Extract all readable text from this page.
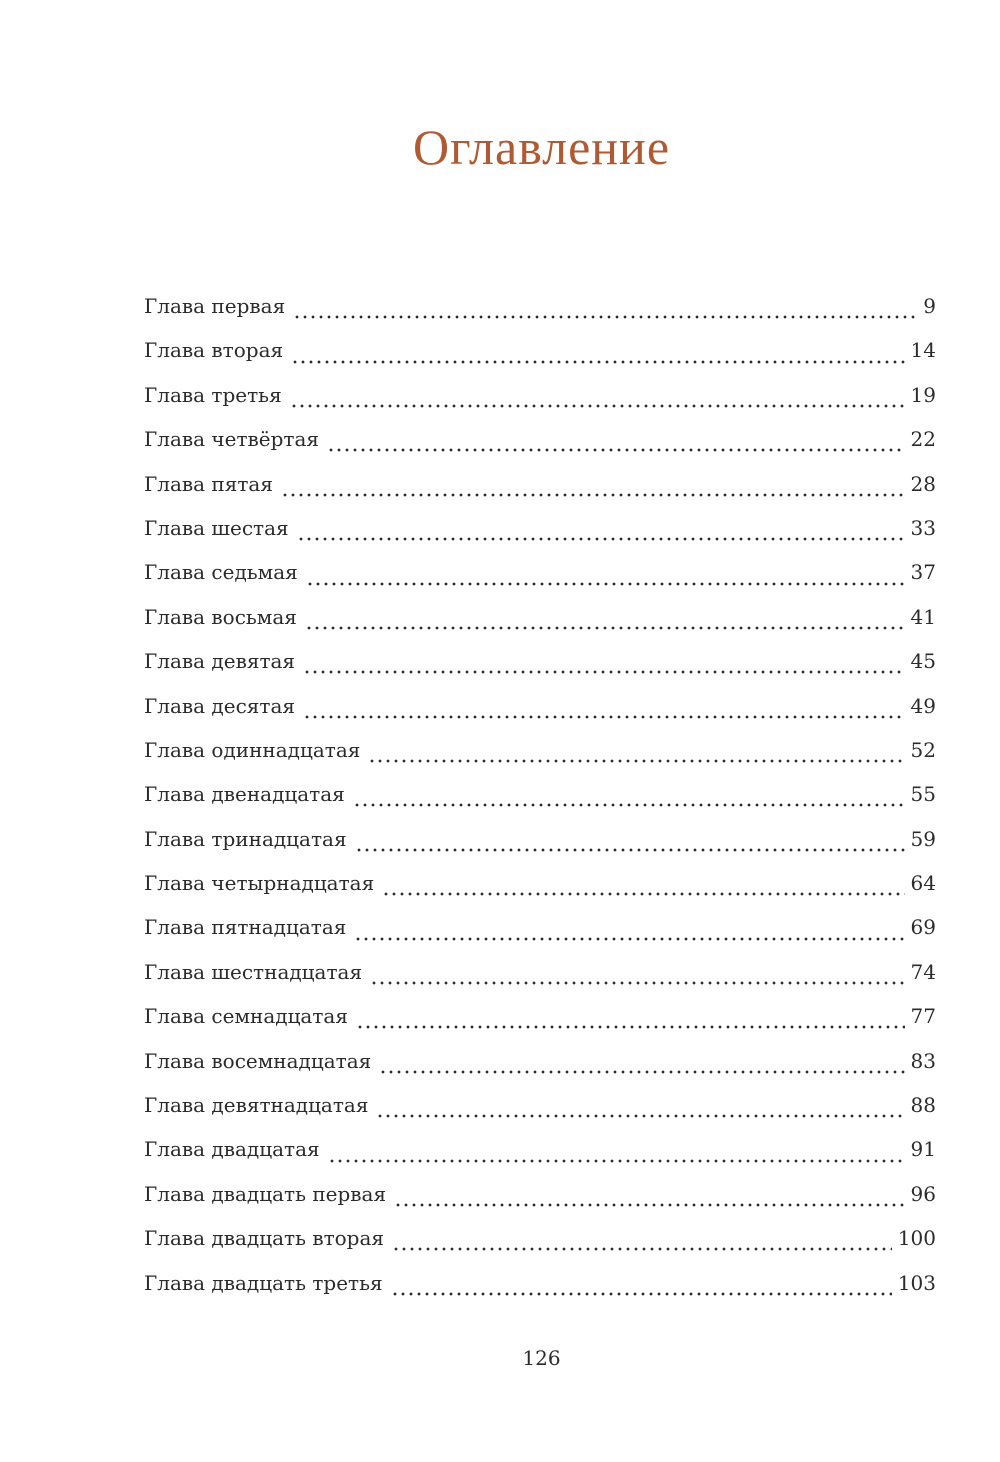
Оглавление
Глава первая	9
Глава вторая	14
Глава третья	19
Глава четвёртая	22
Глава пятая	28
Глава шестая	33
Глава седьмая	37
Глава восьмая	41
Глава девятая	45
Глава десятая	49
Глава одиннадцатая	52
Глава двенадцатая	55
Глава тринадцатая	59
Глава четырнадцатая	64
Глава пятнадцатая	69
Глава шестнадцатая	74
Глава семнадцатая	77
Глава восемнадцатая	83
Глава девятнадцатая	88
Глава двадцатая	91
Глава двадцать первая	96
Глава двадцать вторая	100
Глава двадцать третья	103
126
